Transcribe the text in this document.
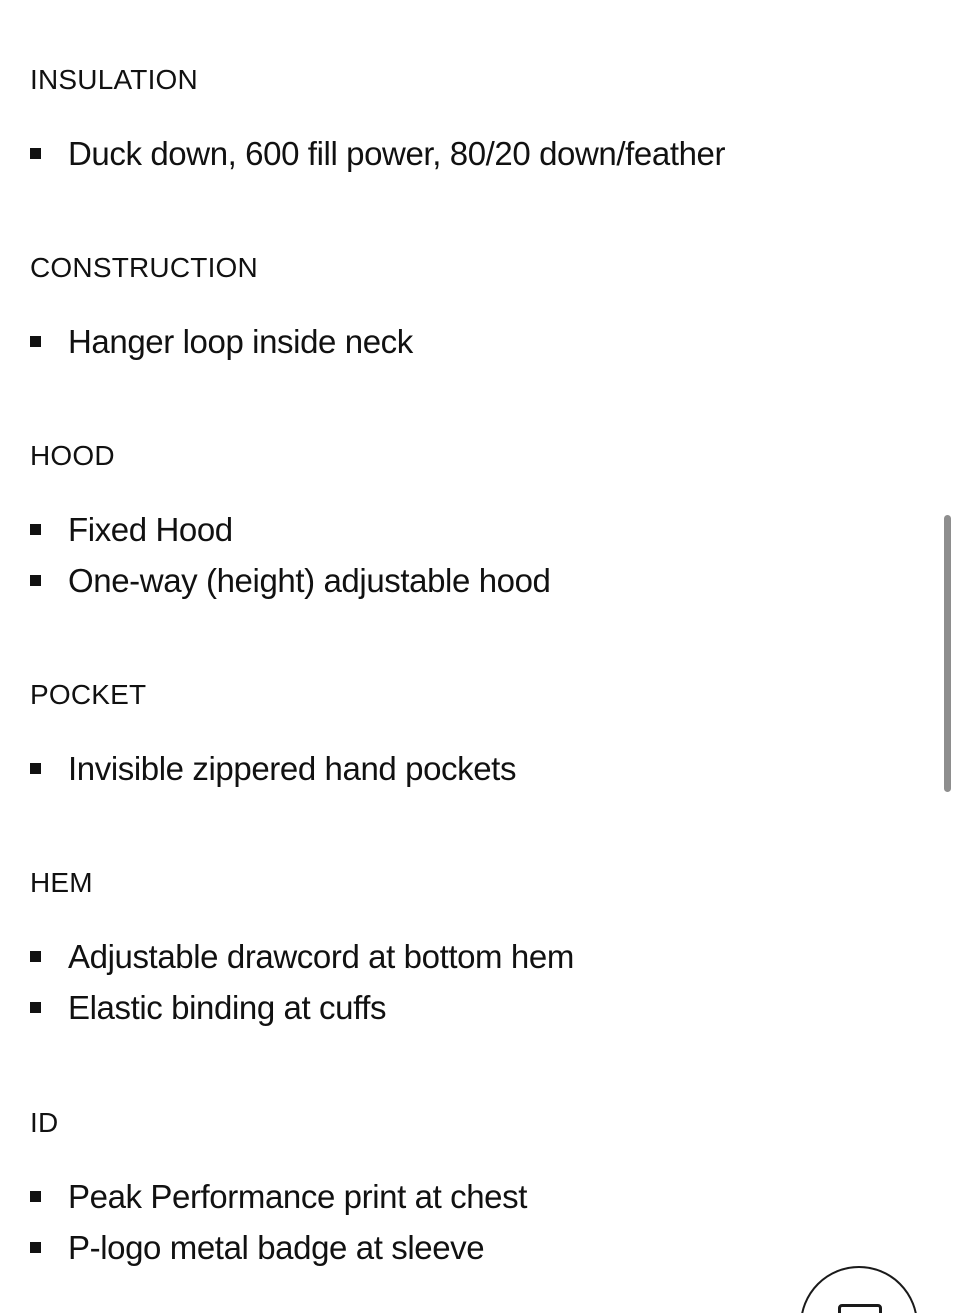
INSULATION
Duck down, 600 fill power, 80/20 down/feather
CONSTRUCTION
Hanger loop inside neck
HOOD
Fixed Hood
One-way (height) adjustable hood
POCKET
Invisible zippered hand pockets
HEM
Adjustable drawcord at bottom hem
Elastic binding at cuffs
ID
Peak Performance print at chest
P-logo metal badge at sleeve
